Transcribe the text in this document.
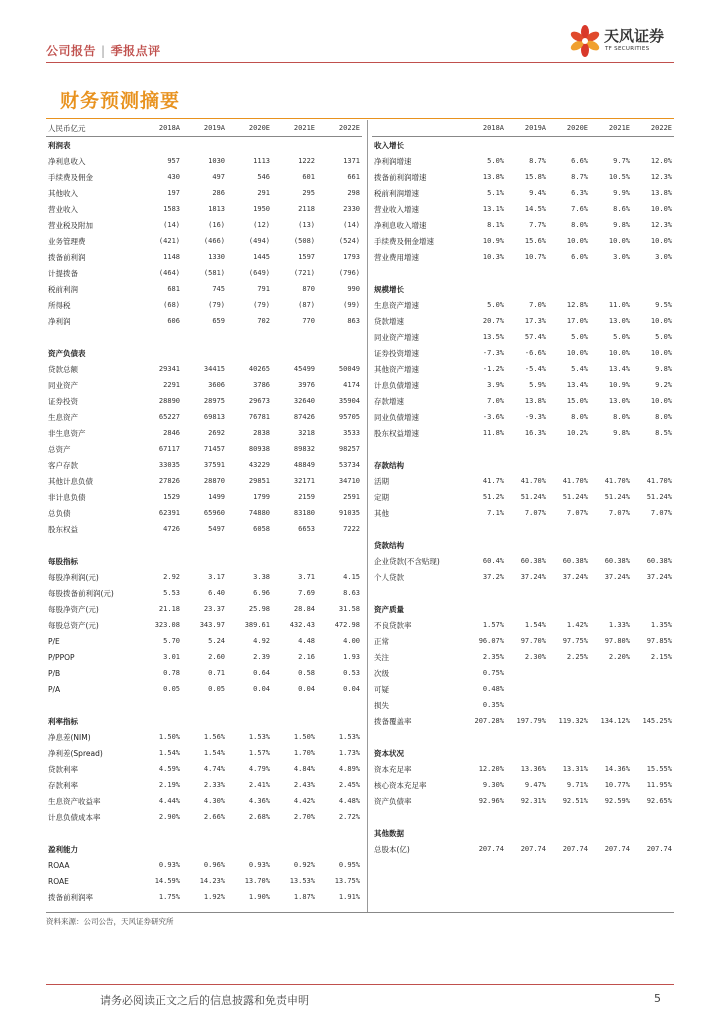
公司报告 | 季报点评
天风证券
TF SECURITIES
财务预测摘要
人民币亿元	2018A	2019A	2020E	2021E	2022E
利润表					
净利息收入	957	1030	1113	1222	1371
手续费及佣金	430	497	546	601	661
其他收入	197	286	291	295	298
营业收入	1583	1813	1950	2118	2330
营业税及附加	(14)	(16)	(12)	(13)	(14)
业务管理费	(421)	(466)	(494)	(508)	(524)
拨备前利润	1148	1330	1445	1597	1793
计提拨备	(464)	(581)	(649)	(721)	(796)
税前利润	681	745	791	870	990
所得税	(68)	(79)	(79)	(87)	(99)
净利润	606	659	702	770	863

资产负债表					
贷款总额	29341	34415	40265	45499	50049
同业资产	2291	3606	3786	3976	4174
证券投资	28890	28975	29673	32640	35904
生息资产	65227	69813	76781	87426	95705
非生息资产	2846	2692	2838	3218	3533
总资产	67117	71457	80938	89832	98257
客户存款	33035	37591	43229	48849	53734
其他计息负债	27826	28870	29851	32171	34710
非计息负债	1529	1499	1799	2159	2591
总负债	62391	65960	74880	83180	91035
股东权益	4726	5497	6058	6653	7222

每股指标					
每股净利润(元)	2.92	3.17	3.38	3.71	4.15
每股拨备前利润(元)	5.53	6.40	6.96	7.69	8.63
每股净资产(元)	21.18	23.37	25.98	28.84	31.58
每股总资产(元)	323.08	343.97	389.61	432.43	472.98
P/E	5.70	5.24	4.92	4.48	4.00
P/PPOP	3.01	2.60	2.39	2.16	1.93
P/B	0.78	0.71	0.64	0.58	0.53
P/A	0.05	0.05	0.04	0.04	0.04

利率指标					
净息差(NIM)	1.50%	1.56%	1.53%	1.50%	1.53%
净利差(Spread)	1.54%	1.54%	1.57%	1.70%	1.73%
贷款利率	4.59%	4.74%	4.79%	4.84%	4.89%
存款利率	2.19%	2.33%	2.41%	2.43%	2.45%
生息资产收益率	4.44%	4.30%	4.36%	4.42%	4.48%
计息负债成本率	2.90%	2.66%	2.68%	2.70%	2.72%

盈利能力					
ROAA	0.93%	0.96%	0.93%	0.92%	0.95%
ROAE	14.59%	14.23%	13.70%	13.53%	13.75%
拨备前利润率	1.75%	1.92%	1.90%	1.87%	1.91%
	2018A	2019A	2020E	2021E	2022E
收入增长					
净利润增速	5.0%	8.7%	6.6%	9.7%	12.0%
拨备前利润增速	13.8%	15.8%	8.7%	10.5%	12.3%
税前利润增速	5.1%	9.4%	6.3%	9.9%	13.8%
营业收入增速	13.1%	14.5%	7.6%	8.6%	10.0%
净利息收入增速	8.1%	7.7%	8.0%	9.8%	12.3%
手续费及佣金增速	10.9%	15.6%	10.0%	10.0%	10.0%
营业费用增速	10.3%	10.7%	6.0%	3.0%	3.0%

规模增长					
生息资产增速	5.0%	7.0%	12.8%	11.0%	9.5%
贷款增速	20.7%	17.3%	17.0%	13.0%	10.0%
同业资产增速	13.5%	57.4%	5.0%	5.0%	5.0%
证券投资增速	-7.3%	-6.6%	10.0%	10.0%	10.0%
其他资产增速	-1.2%	-5.4%	5.4%	13.4%	9.8%
计息负债增速	3.9%	5.9%	13.4%	10.9%	9.2%
存款增速	7.0%	13.8%	15.0%	13.0%	10.0%
同业负债增速	-3.6%	-9.3%	8.0%	8.0%	8.0%
股东权益增速	11.8%	16.3%	10.2%	9.8%	8.5%

存款结构					
活期	41.7%	41.70%	41.70%	41.70%	41.70%
定期	51.2%	51.24%	51.24%	51.24%	51.24%
其他	7.1%	7.07%	7.07%	7.07%	7.07%

贷款结构					
企业贷款(不含贴现)	60.4%	60.38%	60.38%	60.38%	60.38%
个人贷款	37.2%	37.24%	37.24%	37.24%	37.24%

资产质量					
不良贷款率	1.57%	1.54%	1.42%	1.33%	1.35%
正常	96.07%	97.70%	97.75%	97.80%	97.85%
关注	2.35%	2.30%	2.25%	2.20%	2.15%
次级	0.75%				
可疑	0.48%				
损失	0.35%				
拨备覆盖率	207.28%	197.79%	119.32%	134.12%	145.25%

资本状况					
资本充足率	12.20%	13.36%	13.31%	14.36%	15.55%
核心资本充足率	9.30%	9.47%	9.71%	10.77%	11.95%
资产负债率	92.96%	92.31%	92.51%	92.59%	92.65%

其他数据					
总股本(亿)	207.74	207.74	207.74	207.74	207.74
资料来源：公司公告，天风证券研究所
请务必阅读正文之后的信息披露和免责申明	5
